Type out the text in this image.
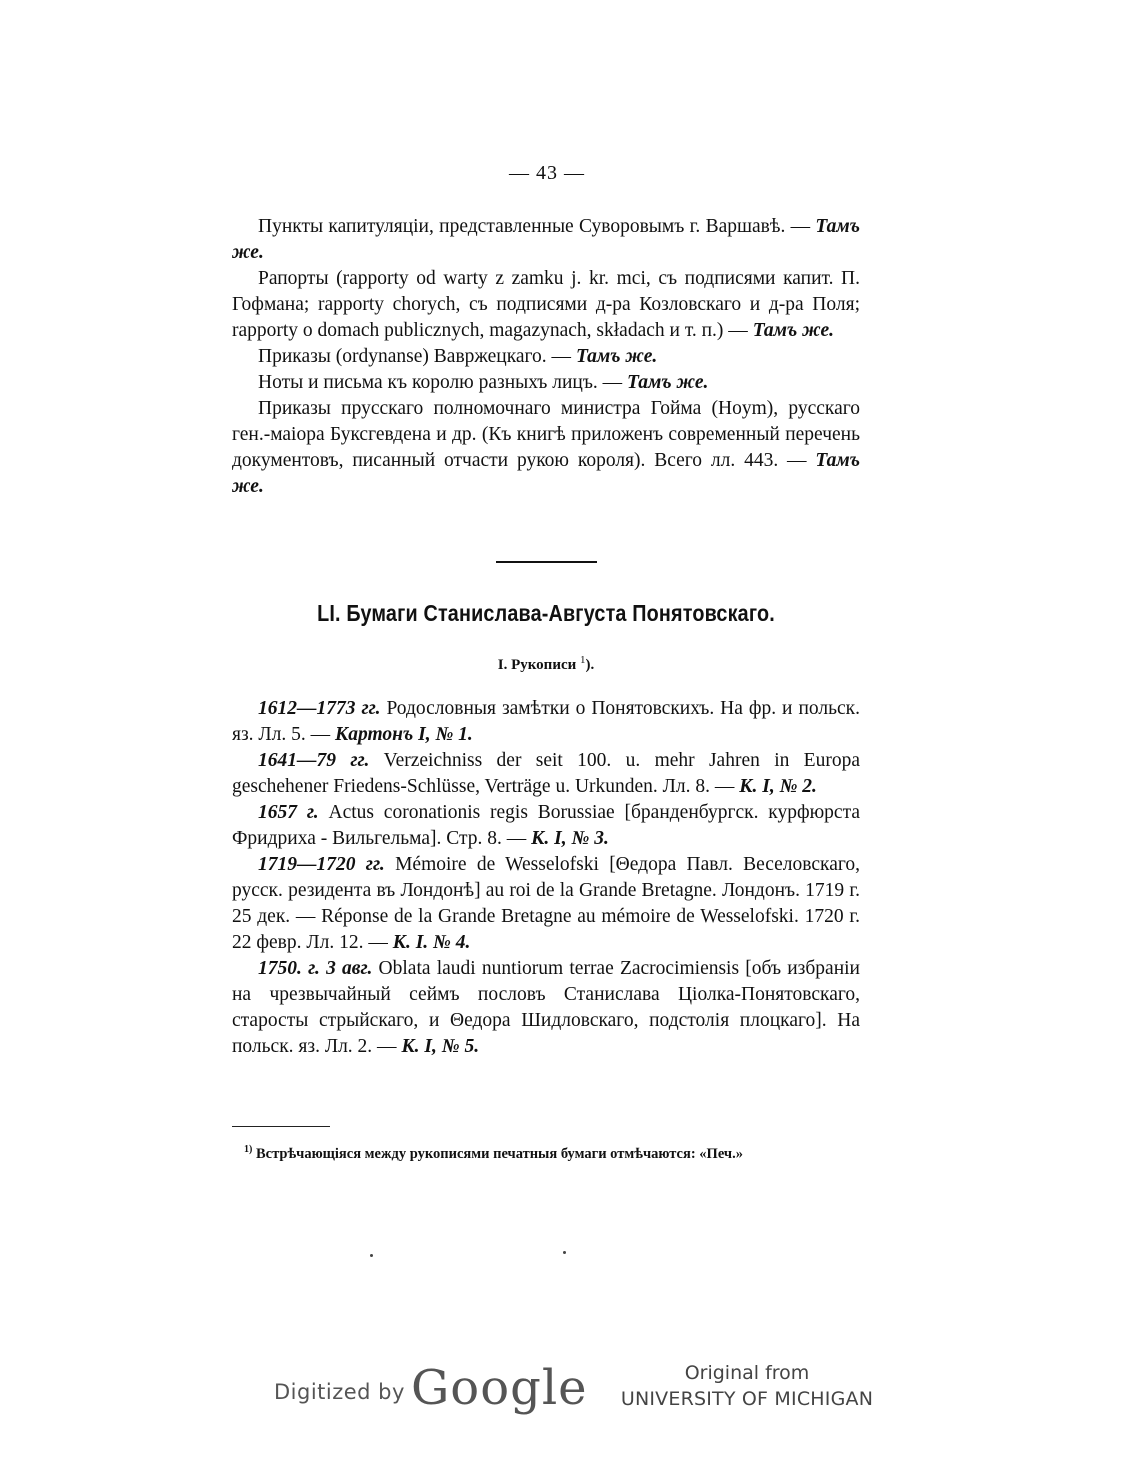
— 43 —

Пункты капитуляціи, представленные Суворовымъ г. Варшавѣ. — Тамъ же.

Рапорты (rapporty od warty z zamku j. kr. mci, съ подписями капит. П. Гофмана; rapporty chorych, съ подписями д-ра Козловскаго и д-ра Поля; rapporty o domach publicznych, magazynach, składach и т. п.) — Тамъ же.

Приказы (ordynanse) Вавржецкаго. — Тамъ же.

Ноты и письма къ королю разныхъ лицъ. — Тамъ же.

Приказы прусскаго полномочнаго министра Гойма (Hoym), русскаго ген.-маіора Буксгевдена и др. (Къ книгѣ приложенъ современный перечень документовъ, писанный отчасти рукою короля). Всего лл. 443. — Тамъ же.

LI. Бумаги Станислава-Августа Понятовскаго.
I. Рукописи $^1$).

1612—1773 гг. Родословныя замѣтки о Понятовскихъ. На фр. и польск. яз. Лл. 5. — Картонъ I, № 1.

1641—79 гг. Verzeichniss der seit 100. u. mehr Jahren in Europa geschehener Friedens-Schlüsse, Verträge u. Urkunden. Лл. 8. — К. I, № 2.

1657 г. Actus coronationis regis Borussiae [бранденбургск. курфюрста Фридриха - Вильгельма]. Стр. 8. — К. I, № 3.

1719—1720 гг. Mémoire de Wesselofski [Θедора Павл. Веселовскаго, русск. резидента въ Лондонѣ] au roi de la Grande Bretagne. Лондонъ. 1719 г. 25 дек. — Réponse de la Grande Bretagne au mémoire de Wesselofski. 1720 г. 22 февр. Лл. 12. — К. I. № 4.

1750. г. 3 авг. Oblata laudi nuntiorum terrae Zacrocimiensis [объ избраніи на чрезвычайный сеймъ пословъ Станислава Ціолка-Понятовскаго, старосты стрыйскаго, и Θедора Шидловскаго, подстолія плоцкаго]. На польск. яз. Лл. 2. — К. I, № 5.

$^{1)}$ Встрѣчающіяся между рукописями печатныя бумаги отмѣчаются: «Печ.»
Digitized by Google	Original from
UNIVERSITY OF MICHIGAN
